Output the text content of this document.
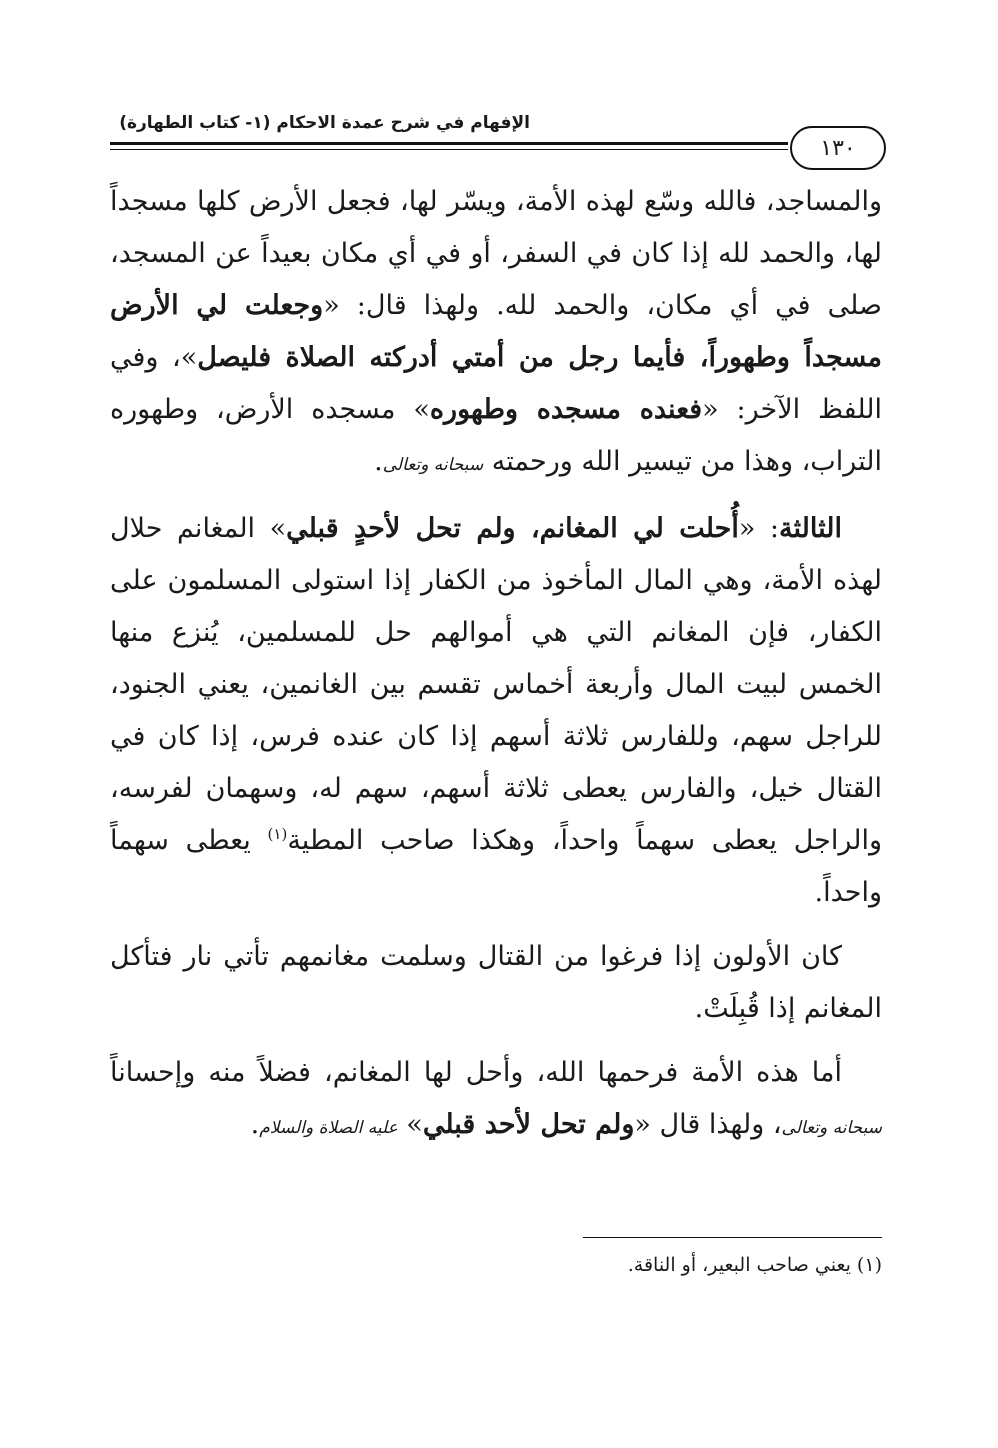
الإفهام في شرح عمدة الاحكام (١- كتاب الطهارة)
١٣٠

والمساجد، فالله وسّع لهذه الأمة، ويسّر لها، فجعل الأرض كلها مسجداً لها، والحمد لله إذا كان في السفر، أو في أي مكان بعيداً عن المسجد، صلى في أي مكان، والحمد لله. ولهذا قال: «وجعلت لي الأرض مسجداً وطهوراً، فأيما رجل من أمتي أدركته الصلاة فليصل»، وفي اللفظ الآخر: «فعنده مسجده وطهوره» مسجده الأرض، وطهوره التراب، وهذا من تيسير الله ورحمته سبحانه وتعالى.

الثالثة: «أُحلت لي المغانم، ولم تحل لأحدٍ قبلي» المغانم حلال لهذه الأمة، وهي المال المأخوذ من الكفار إذا استولى المسلمون على الكفار، فإن المغانم التي هي أموالهم حل للمسلمين، يُنزع منها الخمس لبيت المال وأربعة أخماس تقسم بين الغانمين، يعني الجنود، للراجل سهم، وللفارس ثلاثة أسهم إذا كان عنده فرس، إذا كان في القتال خيل، والفارس يعطى ثلاثة أسهم، سهم له، وسهمان لفرسه، والراجل يعطى سهماً واحداً، وهكذا صاحب المطية$^{(١)}$ يعطى سهماً واحداً.

كان الأولون إذا فرغوا من القتال وسلمت مغانمهم تأتي نار فتأكل المغانم إذا قُبِلَتْ.

أما هذه الأمة فرحمها الله، وأحل لها المغانم، فضلاً منه وإحساناً سبحانه وتعالى، ولهذا قال «ولم تحل لأحد قبلي» عليه الصلاة والسلام.

(١) يعني صاحب البعير، أو الناقة.
